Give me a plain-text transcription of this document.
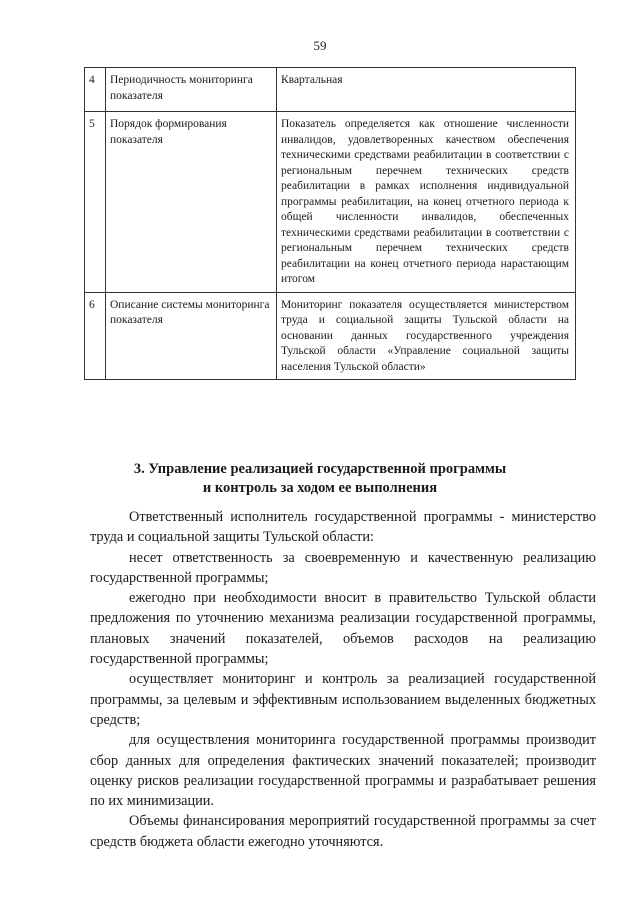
59
4	Периодичность мониторинга показателя	Квартальная
5	Порядок формирования показателя	Показатель определяется как отношение численности инвалидов, удовлетворенных качеством обеспечения техническими средствами реабилитации в соответствии с региональным перечнем технических средств реабилитации в рамках исполнения индивидуальной программы реабилитации, на конец отчетного периода к общей численности инвалидов, обеспеченных техническими средствами реабилитации в соответствии с региональным перечнем технических средств реабилитации на конец отчетного периода нарастающим итогом
6	Описание системы мониторинга показателя	Мониторинг показателя осуществляется министерством труда и социальной защиты Тульской области на основании данных государственного учреждения Тульской области «Управление социальной защиты населения Тульской области»
3. Управление реализацией государственной программы
и контроль за ходом ее выполнения

Ответственный исполнитель государственной программы - министерство труда и социальной защиты Тульской области:

несет ответственность за своевременную и качественную реализацию государственной программы;

ежегодно при необходимости вносит в правительство Тульской области предложения по уточнению механизма реализации государственной программы, плановых значений показателей, объемов расходов на реализацию государственной программы;

осуществляет мониторинг и контроль за реализацией государственной программы, за целевым и эффективным использованием выделенных бюджетных средств;

для осуществления мониторинга государственной программы производит сбор данных для определения фактических значений показателей; производит оценку рисков реализации государственной программы и разрабатывает решения по их минимизации.

Объемы финансирования мероприятий государственной программы за счет средств бюджета области ежегодно уточняются.
